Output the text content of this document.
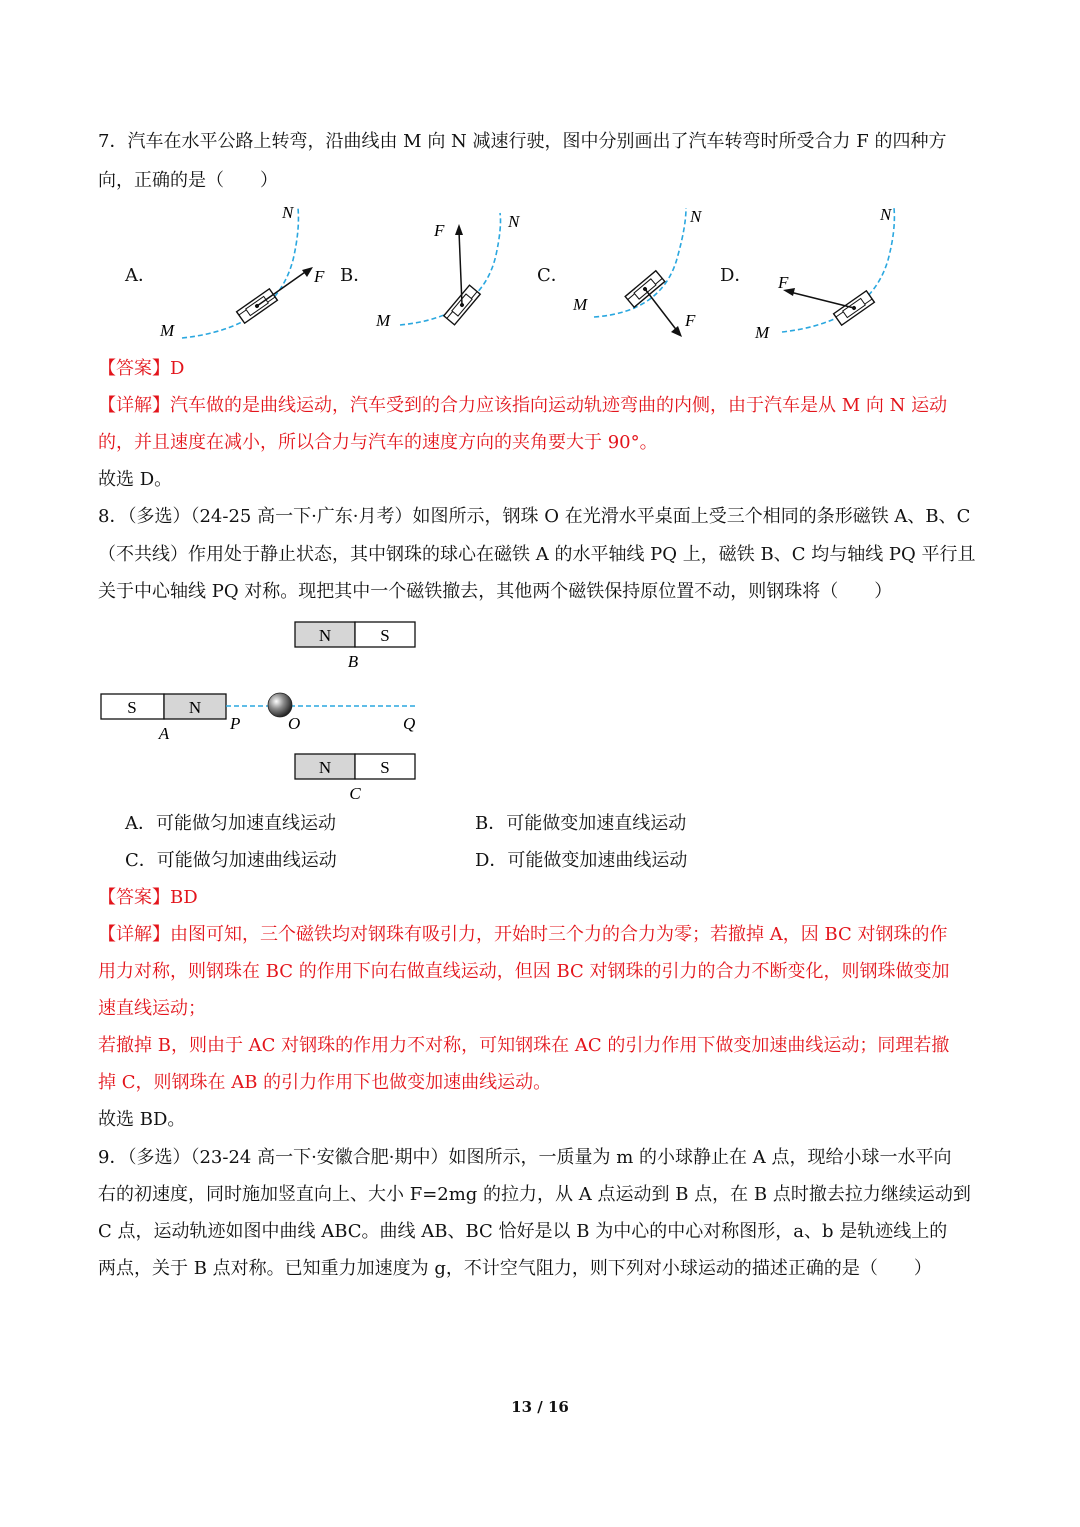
7．汽车在水平公路上转弯，沿曲线由 M 向 N 减速行驶，图中分别画出了汽车转弯时所受合力 F 的四种方
向，正确的是（　　）
A．	B．	C．	D．
M
N
F
M
N
F
M
N
F
M
N
F
【答案】D
【详解】汽车做的是曲线运动，汽车受到的合力应该指向运动轨迹弯曲的内侧，由于汽车是从 M 向 N 运动
的，并且速度在减小，所以合力与汽车的速度方向的夹角要大于 90°。
故选 D。
8．（多选）（24-25 高一下·广东·月考）如图所示，钢珠 O 在光滑水平桌面上受三个相同的条形磁铁 A、B、C
（不共线）作用处于静止状态，其中钢珠的球心在磁铁 A 的水平轴线 PQ 上，磁铁 B、C 均与轴线 PQ 平行且
关于中心轴线 PQ 对称。现把其中一个磁铁撤去，其他两个磁铁保持原位置不动，则钢珠将（　　）
N	S
B
S	N
A
P	O	Q
N	S
C
A．可能做匀加速直线运动	B．可能做变加速直线运动
C．可能做匀加速曲线运动	D．可能做变加速曲线运动
【答案】BD
【详解】由图可知，三个磁铁均对钢珠有吸引力，开始时三个力的合力为零；若撤掉 A，因 BC 对钢珠的作
用力对称，则钢珠在 BC 的作用下向右做直线运动，但因 BC 对钢珠的引力的合力不断变化，则钢珠做变加
速直线运动；
若撤掉 B，则由于 AC 对钢珠的作用力不对称，可知钢珠在 AC 的引力作用下做变加速曲线运动；同理若撤
掉 C，则钢珠在 AB 的引力作用下也做变加速曲线运动。
故选 BD。
9．（多选）（23-24 高一下·安徽合肥·期中）如图所示，一质量为 m 的小球静止在 A 点，现给小球一水平向
右的初速度，同时施加竖直向上、大小 F=2mg 的拉力，从 A 点运动到 B 点，在 B 点时撤去拉力继续运动到
C 点，运动轨迹如图中曲线 ABC。曲线 AB、BC 恰好是以 B 为中心的中心对称图形，a、b 是轨迹线上的
两点，关于 B 点对称。已知重力加速度为 g，不计空气阻力，则下列对小球运动的描述正确的是（　　）
13 / 16
